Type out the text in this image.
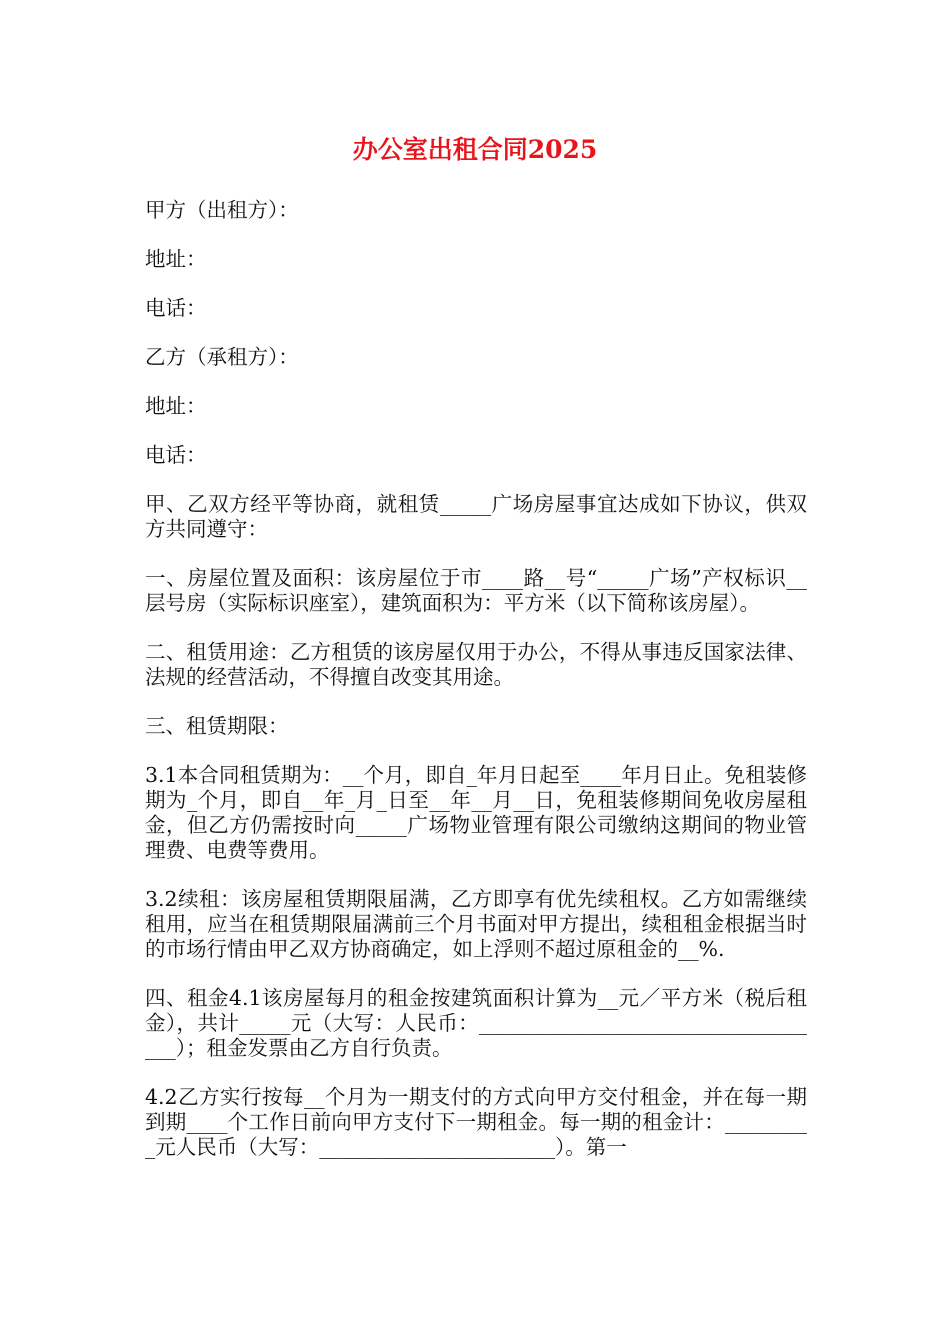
办公室出租合同2025

甲方（出租方）：

地址：

电话：

乙方（承租方）：

地址：

电话：

甲、乙双方经平等协商，就租赁_____广场房屋事宜达成如下协议，供双方共同遵守：

一、房屋位置及面积：该房屋位于市____路__号“_____广场”产权标识__层号房（实际标识座室），建筑面积为：平方米（以下简称该房屋）。

二、租赁用途：乙方租赁的该房屋仅用于办公，不得从事违反国家法律、法规的经营活动，不得擅自改变其用途。

三、租赁期限：

3.1本合同租赁期为：__个月，即自_年月日起至____年月日止。免租装修期为_个月，即自__年_月_日至__年__月__日，免租装修期间免收房屋租金，但乙方仍需按时向_____广场物业管理有限公司缴纳这期间的物业管理费、电费等费用。

3.2续租：该房屋租赁期限届满，乙方即享有优先续租权。乙方如需继续租用，应当在租赁期限届满前三个月书面对甲方提出，续租租金根据当时的市场行情由甲乙双方协商确定，如上浮则不超过原租金的__%.

四、租金4.1该房屋每月的租金按建筑面积计算为__元／平方米（税后租金），共计_____元（大写：人民币：___________________________________）；租金发票由乙方自行负责。

4.2乙方实行按每__个月为一期支付的方式向甲方交付租金，并在每一期到期____个工作日前向甲方支付下一期租金。每一期的租金计：_________元人民币（大写：_______________________）。第一
